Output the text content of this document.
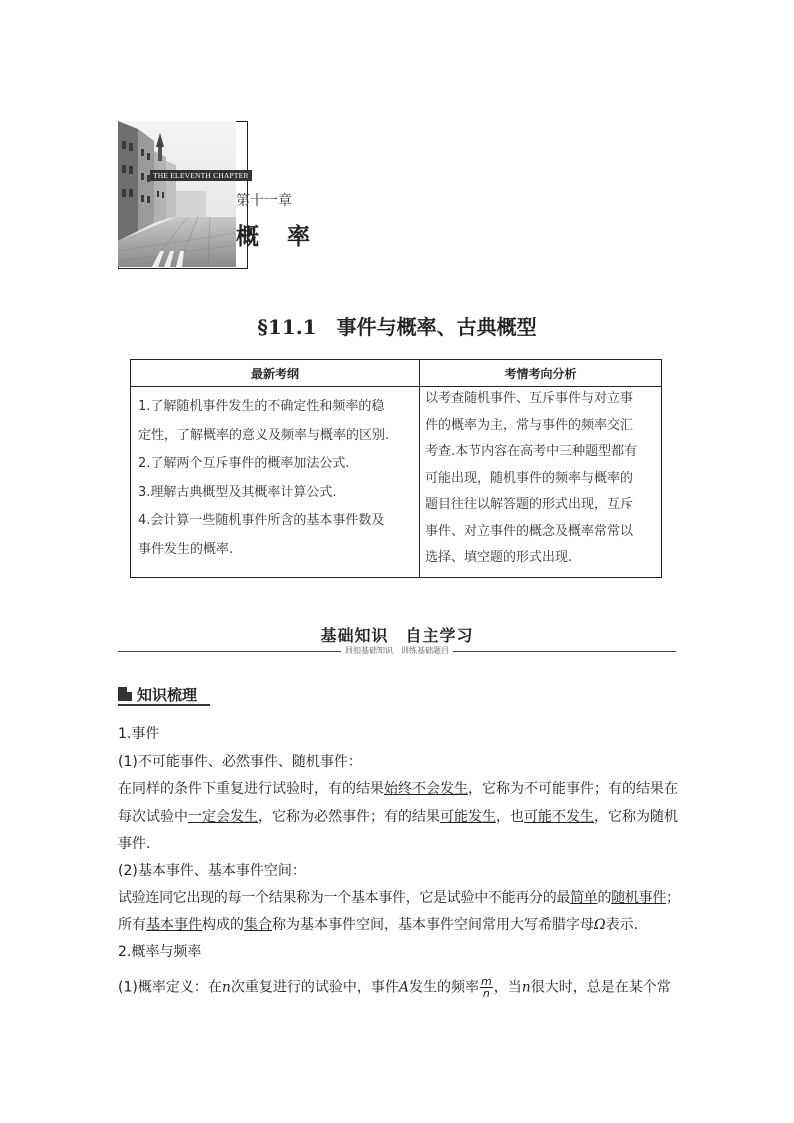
THE ELEVENTH CHAPTER
第十一章
概 率
§11.1　事件与概率、古典概型
最新考纲	考情考向分析

1.了解随机事件发生的不确定性和频率的稳

定性，了解概率的意义及频率与概率的区别.

2.了解两个互斥事件的概率加法公式.

3.理解古典概型及其概率计算公式.

4.会计算一些随机事件所含的基本事件数及

事件发生的概率.

以考查随机事件、互斥事件与对立事

件的概率为主，常与事件的频率交汇

考查.本节内容在高考中三种题型都有

可能出现，随机事件的频率与概率的

题目往往以解答题的形式出现，互斥

事件、对立事件的概念及概率常常以

选择、填空题的形式出现.

基础知识　自主学习
回扣基础知识　训练基础题目
知识梳理
1.事件
(1)不可能事件、必然事件、随机事件：
在同样的条件下重复进行试验时，有的结果始终不会发生，它称为不可能事件；有的结果在
每次试验中一定会发生，它称为必然事件；有的结果可能发生，也可能不发生，它称为随机
事件.
(2)基本事件、基本事件空间：
试验连同它出现的每一个结果称为一个基本事件，它是试验中不能再分的最简单的随机事件；
所有基本事件构成的集合称为基本事件空间，基本事件空间常用大写希腊字母Ω表示.
2.概率与频率
(1)概率定义：在n次重复进行的试验中，事件A发生的频率 $\frac{m}{n}$ ，当n很大时，总是在某个常
